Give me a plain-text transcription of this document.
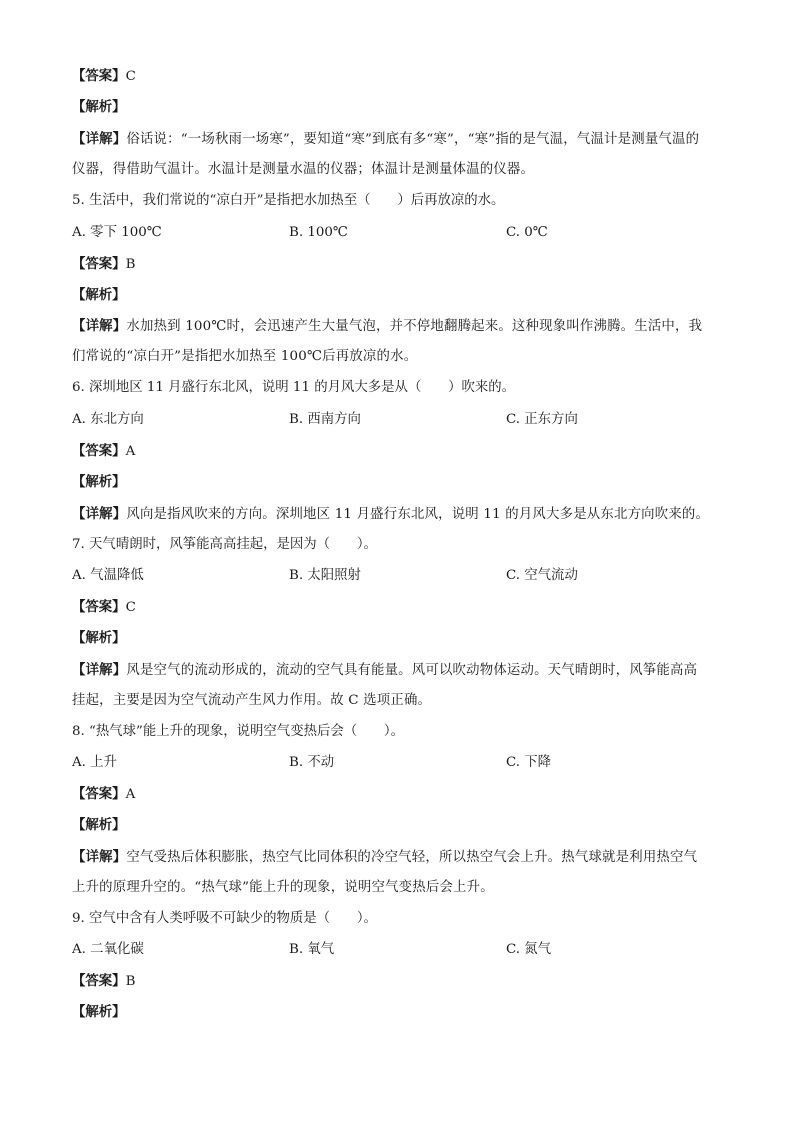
【答案】C
【解析】
【详解】俗话说：“一场秋雨一场寒”，要知道“寒”到底有多“寒”，“寒”指的是气温，气温计是测量气温的
仪器，得借助气温计。水温计是测量水温的仪器；体温计是测量体温的仪器。
5. 生活中，我们常说的“凉白开”是指把水加热至（　　）后再放凉的水。
A. 零下 100℃	B. 100℃	C. 0℃
【答案】B
【解析】
【详解】水加热到 100℃时，会迅速产生大量气泡，并不停地翻腾起来。这种现象叫作沸腾。生活中，我
们常说的“凉白开”是指把水加热至 100℃后再放凉的水。
6. 深圳地区 11 月盛行东北风，说明 11 的月风大多是从（　　）吹来的。
A. 东北方向	B. 西南方向	C. 正东方向
【答案】A
【解析】
【详解】风向是指风吹来的方向。深圳地区 11 月盛行东北风，说明 11 的月风大多是从东北方向吹来的。
7. 天气晴朗时，风筝能高高挂起，是因为（　　）。
A. 气温降低	B. 太阳照射	C. 空气流动
【答案】C
【解析】
【详解】风是空气的流动形成的，流动的空气具有能量。风可以吹动物体运动。天气晴朗时，风筝能高高
挂起，主要是因为空气流动产生风力作用。故 C 选项正确。
8. “热气球”能上升的现象，说明空气变热后会（　　）。
A. 上升	B. 不动	C. 下降
【答案】A
【解析】
【详解】空气受热后体积膨胀，热空气比同体积的冷空气轻，所以热空气会上升。热气球就是利用热空气
上升的原理升空的。“热气球”能上升的现象，说明空气变热后会上升。
9. 空气中含有人类呼吸不可缺少的物质是（　　）。
A. 二氧化碳	B. 氧气	C. 氮气
【答案】B
【解析】
